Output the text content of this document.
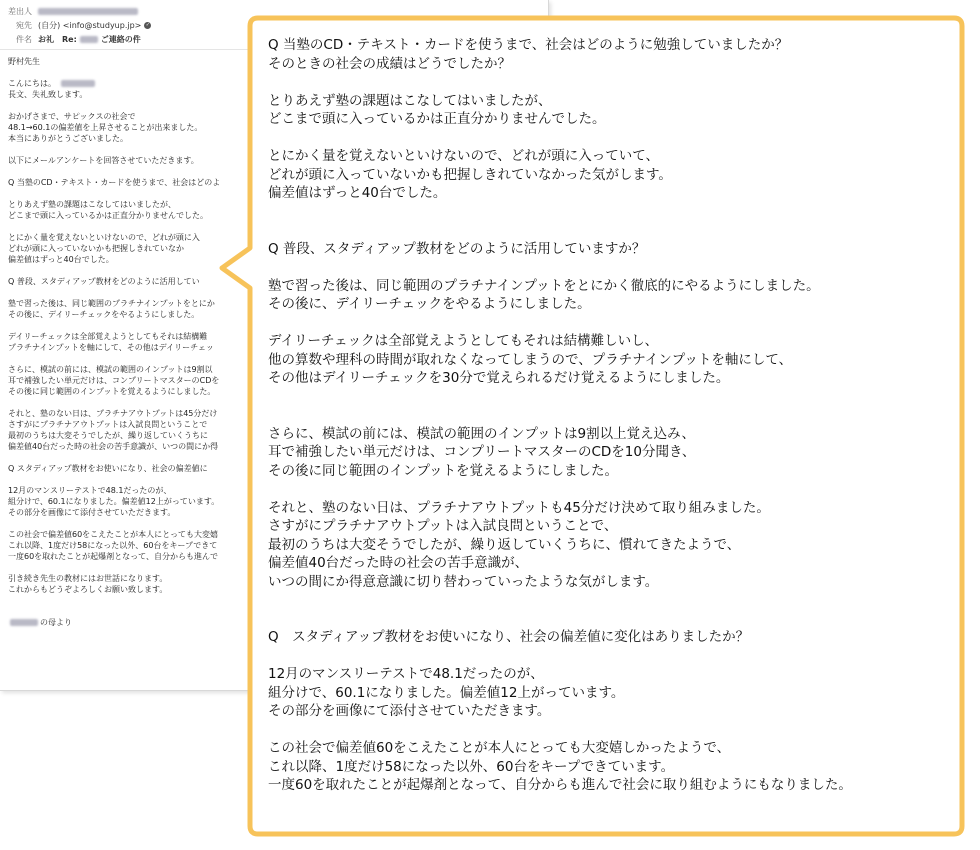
差出人
宛先 (自分) <info@studyup.jp> ✓
件名 お礼　Re:	ご連絡の件
野村先生
こんにちは。
長文、失礼致します。
おかげさまで、サピックスの社会で
48.1→60.1の偏差値を上昇させることが出来ました。
本当にありがとうございました。
以下にメールアンケートを回答させていただきます。
Q 当塾のCD・テキスト・カードを使うまで、社会はどのよ
とりあえず塾の課題はこなしてはいましたが、
どこまで頭に入っているかは正直分かりませんでした。
とにかく量を覚えないといけないので、どれが頭に入
どれが頭に入っていないかも把握しきれていなか
偏差値はずっと40台でした。
Q 普段、スタディアップ教材をどのように活用してい
塾で習った後は、同じ範囲のプラチナインプットをとにか
その後に、デイリーチェックをやるようにしました。
デイリーチェックは全部覚えようとしてもそれは結構難
プラチナインプットを軸にして、その他はデイリーチェッ
さらに、模試の前には、模試の範囲のインプットは9割以
耳で補強したい単元だけは、コンプリートマスターのCDを
その後に同じ範囲のインプットを覚えるようにしました。
それと、塾のない日は、プラチナアウトプットは45分だけ
さすがにプラチナアウトプットは入試良問ということで
最初のうちは大変そうでしたが、繰り返していくうちに
偏差値40台だった時の社会の苦手意識が、いつの間にか得
Q スタディアップ教材をお使いになり、社会の偏差値に
12月のマンスリーテストで48.1だったのが、
組分けで、60.1になりました。偏差値12上がっています。
その部分を画像にて添付させていただきます。
この社会で偏差値60をこえたことが本人にとっても大変嬉
これ以降、1度だけ58になった以外、60台をキープできて
一度60を取れたことが起爆剤となって、自分からも進んで
引き続き先生の教材にはお世話になります。
これからもどうぞよろしくお願い致します。
の母より
Q 当塾のCD・テキスト・カードを使うまで、社会はどのように勉強していましたか？
そのときの社会の成績はどうでしたか？
とりあえず塾の課題はこなしてはいましたが、
どこまで頭に入っているかは正直分かりませんでした。
とにかく量を覚えないといけないので、どれが頭に入っていて、
どれが頭に入っていないかも把握しきれていなかった気がします。
偏差値はずっと40台でした。
Q 普段、スタディアップ教材をどのように活用していますか？
塾で習った後は、同じ範囲のプラチナインプットをとにかく徹底的にやるようにしました。
その後に、デイリーチェックをやるようにしました。
デイリーチェックは全部覚えようとしてもそれは結構難しいし、
他の算数や理科の時間が取れなくなってしまうので、プラチナインプットを軸にして、
その他はデイリーチェックを30分で覚えられるだけ覚えるようにしました。
さらに、模試の前には、模試の範囲のインプットは9割以上覚え込み、
耳で補強したい単元だけは、コンプリートマスターのCDを10分聞き、
その後に同じ範囲のインプットを覚えるようにしました。
それと、塾のない日は、プラチナアウトプットも45分だけ決めて取り組みました。
さすがにプラチナアウトプットは入試良問ということで、
最初のうちは大変そうでしたが、繰り返していくうちに、慣れてきたようで、
偏差値40台だった時の社会の苦手意識が、
いつの間にか得意意識に切り替わっていったような気がします。
Q　スタディアップ教材をお使いになり、社会の偏差値に変化はありましたか？
12月のマンスリーテストで48.1だったのが、
組分けで、60.1になりました。偏差値12上がっています。
その部分を画像にて添付させていただきます。
この社会で偏差値60をこえたことが本人にとっても大変嬉しかったようで、
これ以降、1度だけ58になった以外、60台をキープできています。
一度60を取れたことが起爆剤となって、自分からも進んで社会に取り組むようにもなりました。
